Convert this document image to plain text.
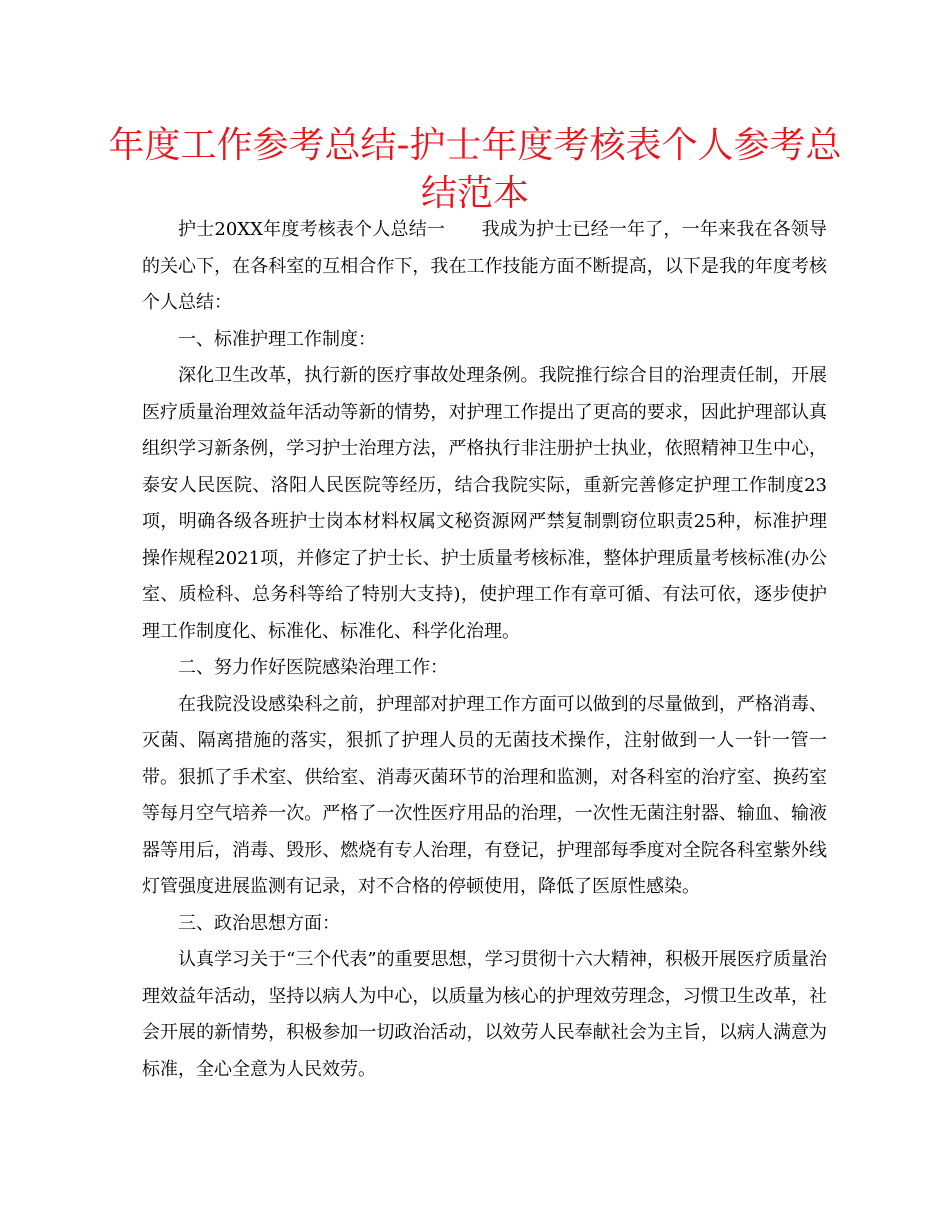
年度工作参考总结-护士年度考核表个人参考总结范本

护士20XX年度考核表个人总结一　　我成为护士已经一年了，一年来我在各领导的关心下，在各科室的互相合作下，我在工作技能方面不断提高，以下是我的年度考核个人总结：

一、标准护理工作制度：

深化卫生改革，执行新的医疗事故处理条例。我院推行综合目的治理责任制，开展医疗质量治理效益年活动等新的情势，对护理工作提出了更高的要求，因此护理部认真组织学习新条例，学习护士治理方法，严格执行非注册护士执业，依照精神卫生中心，泰安人民医院、洛阳人民医院等经历，结合我院实际，重新完善修定护理工作制度23项，明确各级各班护士岗本材料权属文秘资源网严禁复制剽窃位职责25种，标准护理操作规程2021项，并修定了护士长、护士质量考核标准，整体护理质量考核标准(办公室、质检科、总务科等给了特别大支持)，使护理工作有章可循、有法可依，逐步使护理工作制度化、标准化、标准化、科学化治理。

二、努力作好医院感染治理工作：

在我院没设感染科之前，护理部对护理工作方面可以做到的尽量做到，严格消毒、灭菌、隔离措施的落实，狠抓了护理人员的无菌技术操作，注射做到一人一针一管一带。狠抓了手术室、供给室、消毒灭菌环节的治理和监测，对各科室的治疗室、换药室等每月空气培养一次。严格了一次性医疗用品的治理，一次性无菌注射器、输血、输液器等用后，消毒、毁形、燃烧有专人治理，有登记，护理部每季度对全院各科室紫外线灯管强度进展监测有记录，对不合格的停顿使用，降低了医原性感染。

三、政治思想方面：

认真学习关于“三个代表”的重要思想，学习贯彻十六大精神，积极开展医疗质量治理效益年活动，坚持以病人为中心，以质量为核心的护理效劳理念，习惯卫生改革，社会开展的新情势，积极参加一切政治活动，以效劳人民奉献社会为主旨，以病人满意为标准，全心全意为人民效劳。
